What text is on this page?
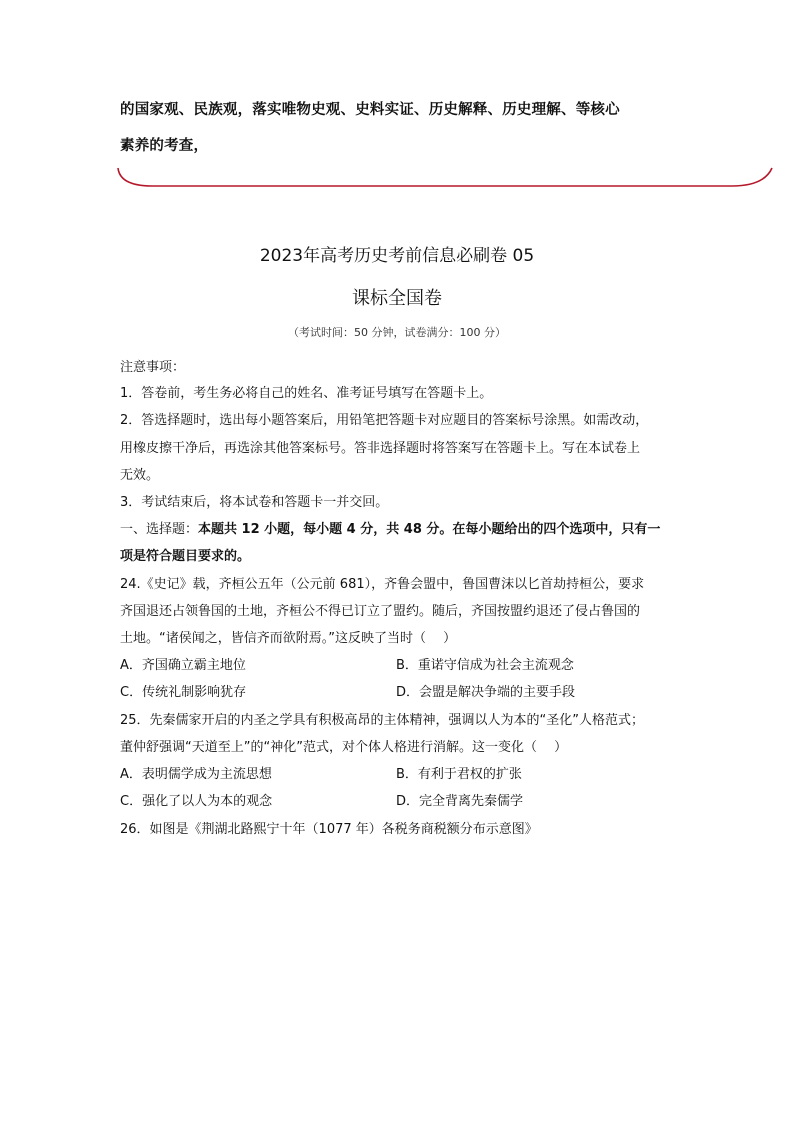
的国家观、民族观，落实唯物史观、史料实证、历史解释、历史理解、等核心
素养的考查，
2023年高考历史考前信息必刷卷 05
课标全国卷
（考试时间：50 分钟，试卷满分：100 分）
注意事项：
1．答卷前，考生务必将自己的姓名、准考证号填写在答题卡上。
2．答选择题时，选出每小题答案后，用铅笔把答题卡对应题目的答案标号涂黑。如需改动，
用橡皮擦干净后，再选涂其他答案标号。答非选择题时将答案写在答题卡上。写在本试卷上
无效。
3．考试结束后，将本试卷和答题卡一并交回。
一、选择题：本题共 12 小题，每小题 4 分，共 48 分。在每小题给出的四个选项中，只有一
项是符合题目要求的。
24.《史记》载，齐桓公五年（公元前 681），齐鲁会盟中，鲁国曹沫以匕首劫持桓公，要求
齐国退还占领鲁国的土地，齐桓公不得已订立了盟约。随后，齐国按盟约退还了侵占鲁国的
土地。“诸侯闻之，皆信齐而欲附焉。”这反映了当时（　 ）
A．齐国确立霸主地位	B．重诺守信成为社会主流观念
C．传统礼制影响犹存	D．会盟是解决争端的主要手段
25．先秦儒家开启的内圣之学具有积极高昂的主体精神，强调以人为本的“圣化”人格范式；
董仲舒强调“天道至上”的“神化”范式，对个体人格进行消解。这一变化（　 ）
A．表明儒学成为主流思想	B．有利于君权的扩张
C．强化了以人为本的观念	D．完全背离先秦儒学
26．如图是《荆湖北路熙宁十年（1077 年）各税务商税额分布示意图》
